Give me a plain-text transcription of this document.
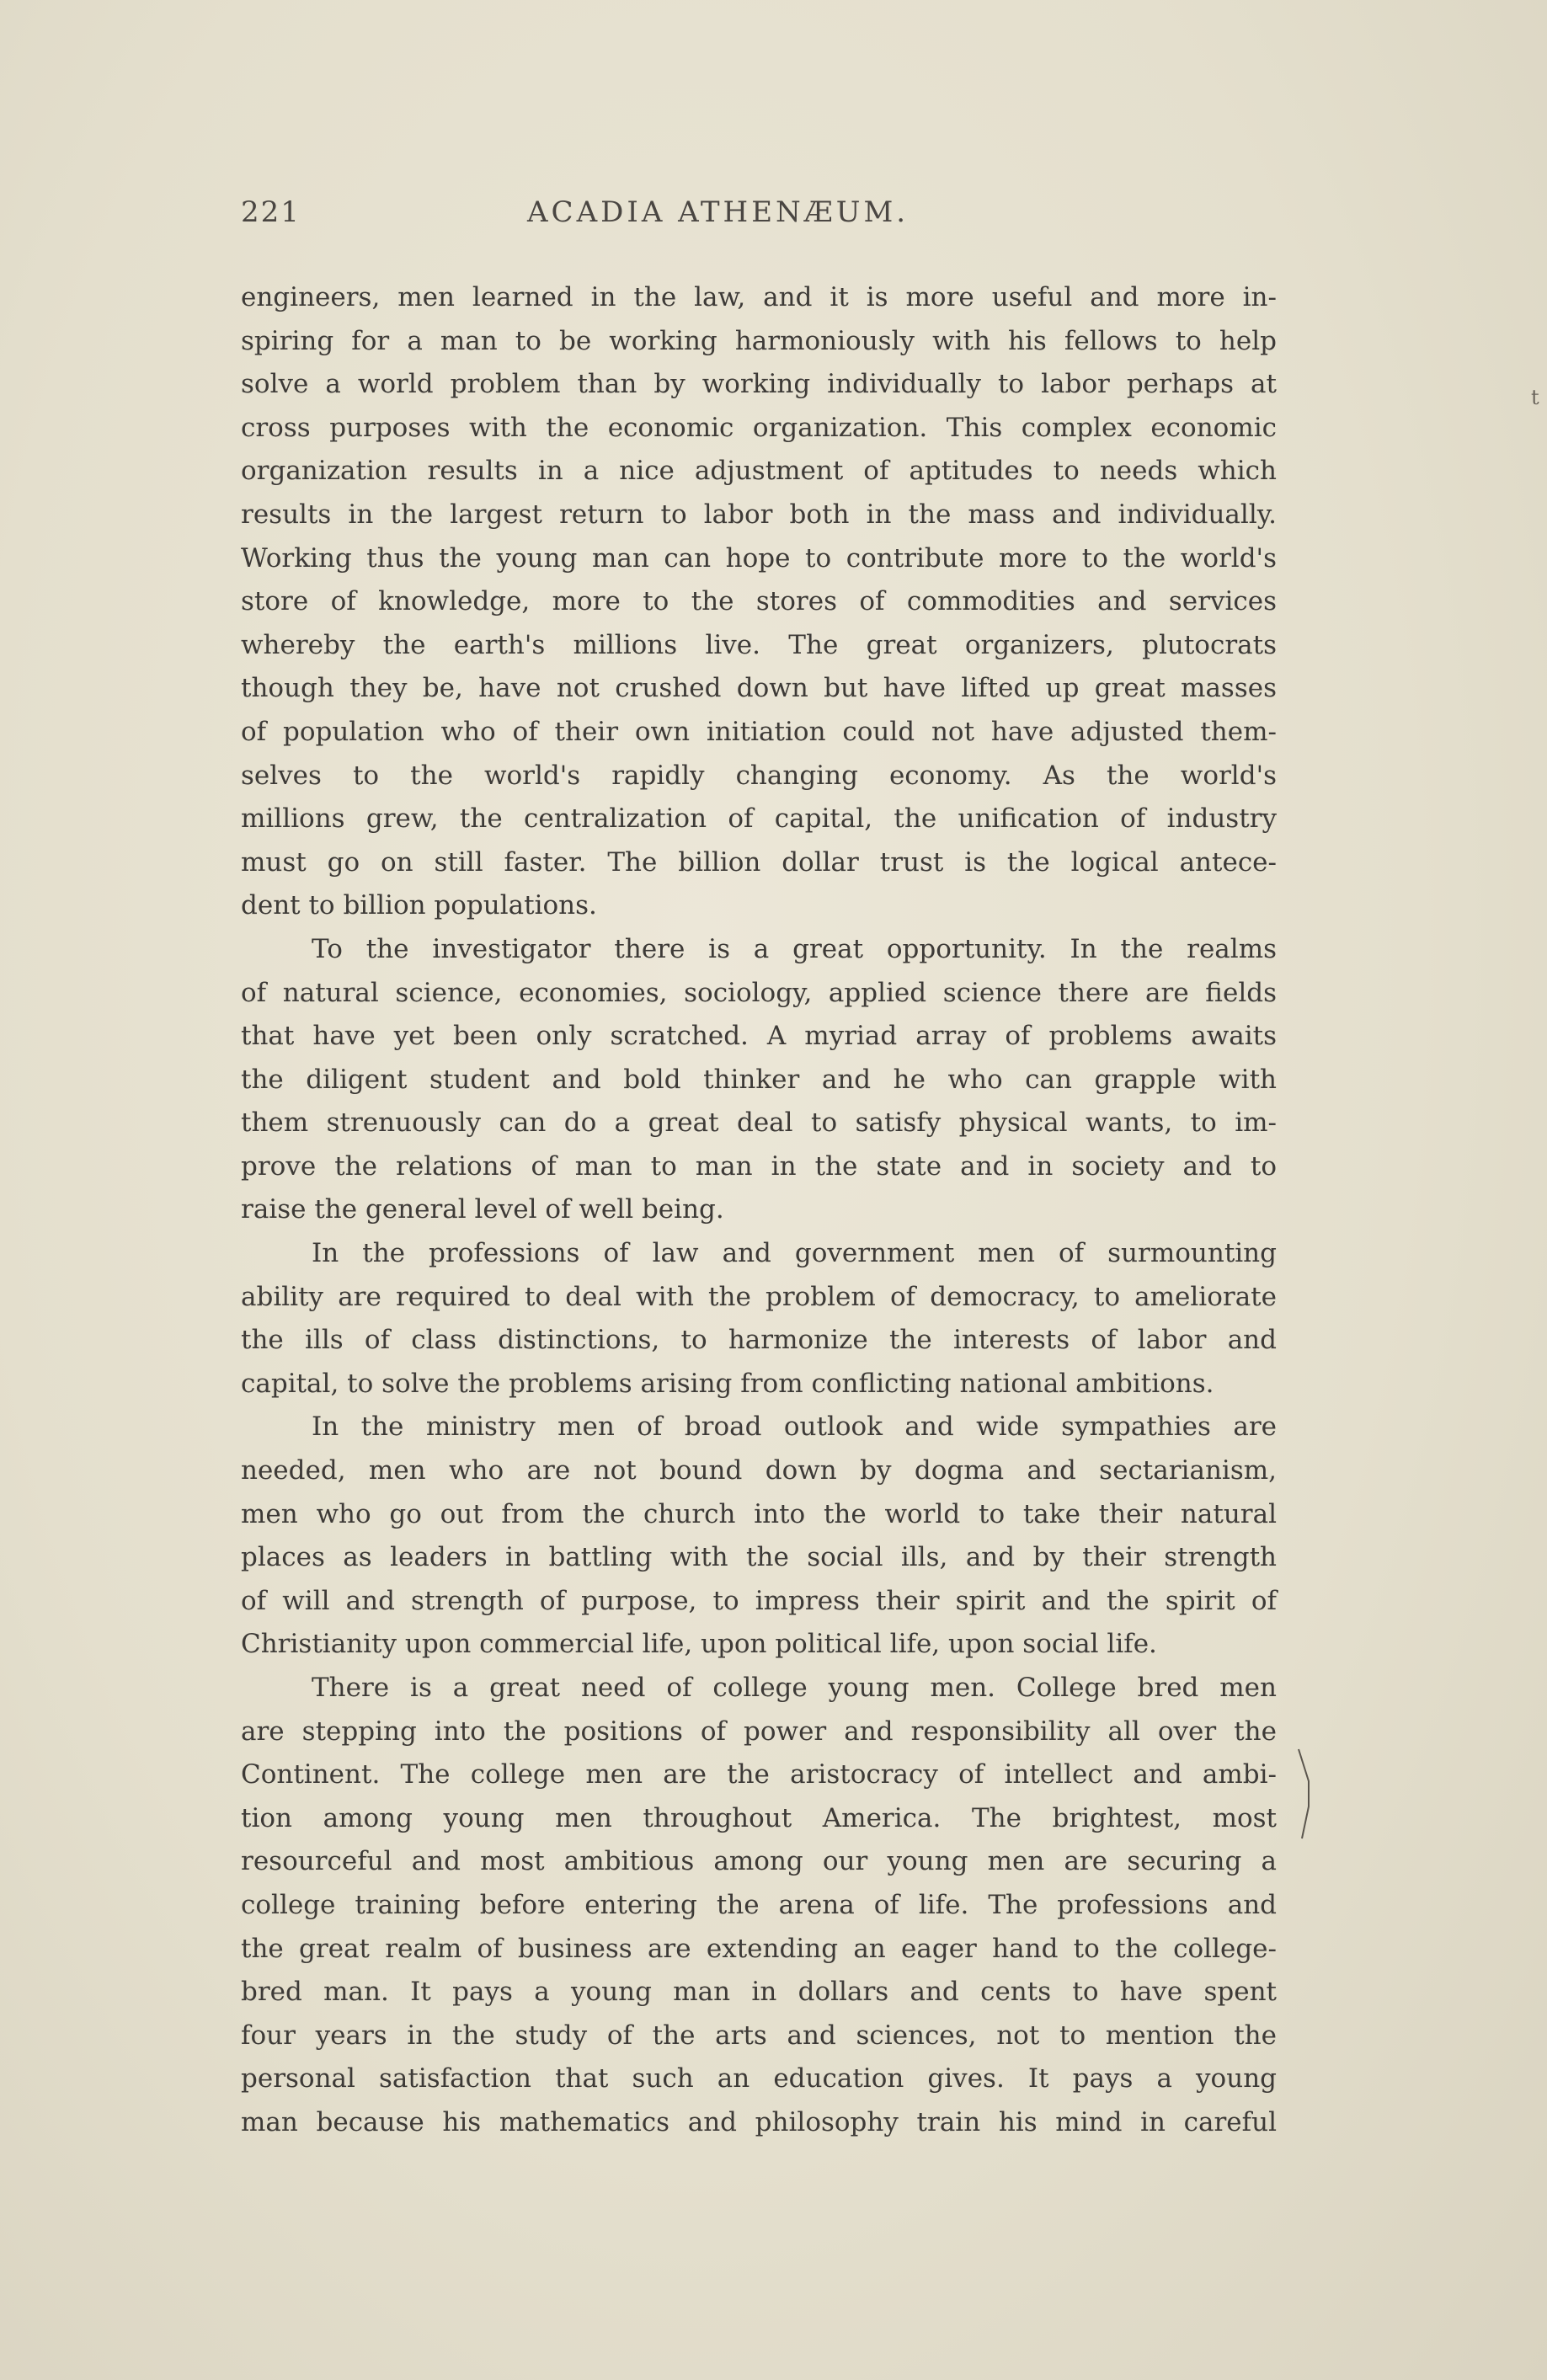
221	ACADIA ATHENÆUM.
engineers, men learned in the law, and it is more useful and more in-
spiring for a man to be working harmoniously with his fellows to help
solve a world problem than by working individually to labor perhaps at
cross purposes with the economic organization. This complex economic
organization results in a nice adjustment of aptitudes to needs which
results in the largest return to labor both in the mass and individually.
Working thus the young man can hope to contribute more to the world's
store of knowledge, more to the stores of commodities and services
whereby the earth's millions live. The great organizers, plutocrats
though they be, have not crushed down but have lifted up great masses
of population who of their own initiation could not have adjusted them-
selves to the world's rapidly changing economy. As the world's
millions grew, the centralization of capital, the unification of industry
must go on still faster. The billion dollar trust is the logical antece-
dent to billion populations.
To the investigator there is a great opportunity. In the realms
of natural science, economies, sociology, applied science there are fields
that have yet been only scratched. A myriad array of problems awaits
the diligent student and bold thinker and he who can grapple with
them strenuously can do a great deal to satisfy physical wants, to im-
prove the relations of man to man in the state and in society and to
raise the general level of well being.
In the professions of law and government men of surmounting
ability are required to deal with the problem of democracy, to ameliorate
the ills of class distinctions, to harmonize the interests of labor and
capital, to solve the problems arising from conflicting national ambitions.
In the ministry men of broad outlook and wide sympathies are
needed, men who are not bound down by dogma and sectarianism,
men who go out from the church into the world to take their natural
places as leaders in battling with the social ills, and by their strength
of will and strength of purpose, to impress their spirit and the spirit of
Christianity upon commercial life, upon political life, upon social life.
There is a great need of college young men. College bred men
are stepping into the positions of power and responsibility all over the
Continent. The college men are the aristocracy of intellect and ambi-
tion among young men throughout America. The brightest, most
resourceful and most ambitious among our young men are securing a
college training before entering the arena of life. The professions and
the great realm of business are extending an eager hand to the college-
bred man. It pays a young man in dollars and cents to have spent
four years in the study of the arts and sciences, not to mention the
personal satisfaction that such an education gives. It pays a young
man because his mathematics and philosophy train his mind in careful
t
